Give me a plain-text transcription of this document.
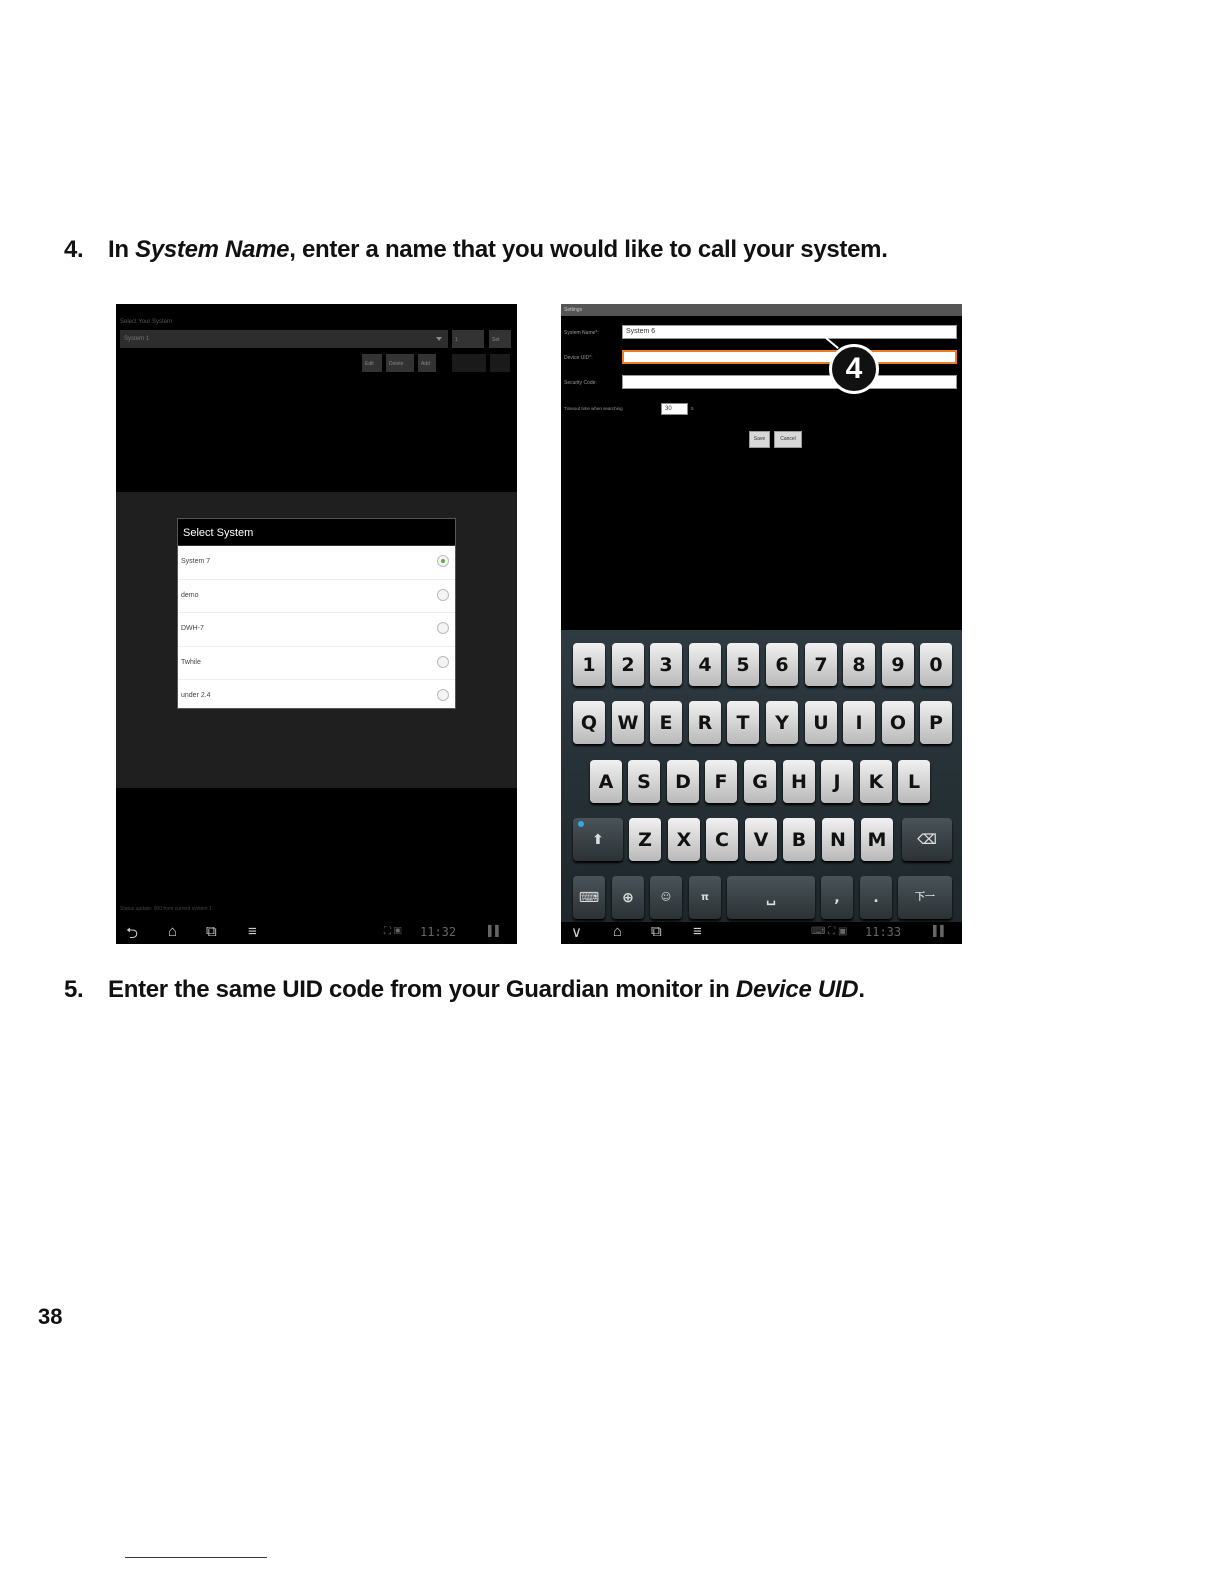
4. In System Name, enter a name that you would like to call your system.
Select Your System
System 1	1	Set
Edit	Delete	Add
Select System
System 7
demo
DWH-7
Twhile
under 2.4
Status update: 000 from current system 1
⮌ ⌂ ⧉ ≡	⛶ ▣ 11:32	▌▌
Settings
System Name*:	System 6
Device UID*:
Security Code:
Timeout time when searching	30	s
Save	Cancel
4
1	2	3	4	5	6	7	8	9	0
Q	W	E	R	T	Y	U	I	O	P
A	S	D	F	G	H	J	K	L
⬆	Z	X	C	V	B	N	M	⌫
⌨	⊕	☺	π	␣	,	.	下一
∨ ⌂ ⧉ ≡	⌨ ⛶ ▣ 11:33	▌▌
5. Enter the same UID code from your Guardian monitor in Device UID.
38
